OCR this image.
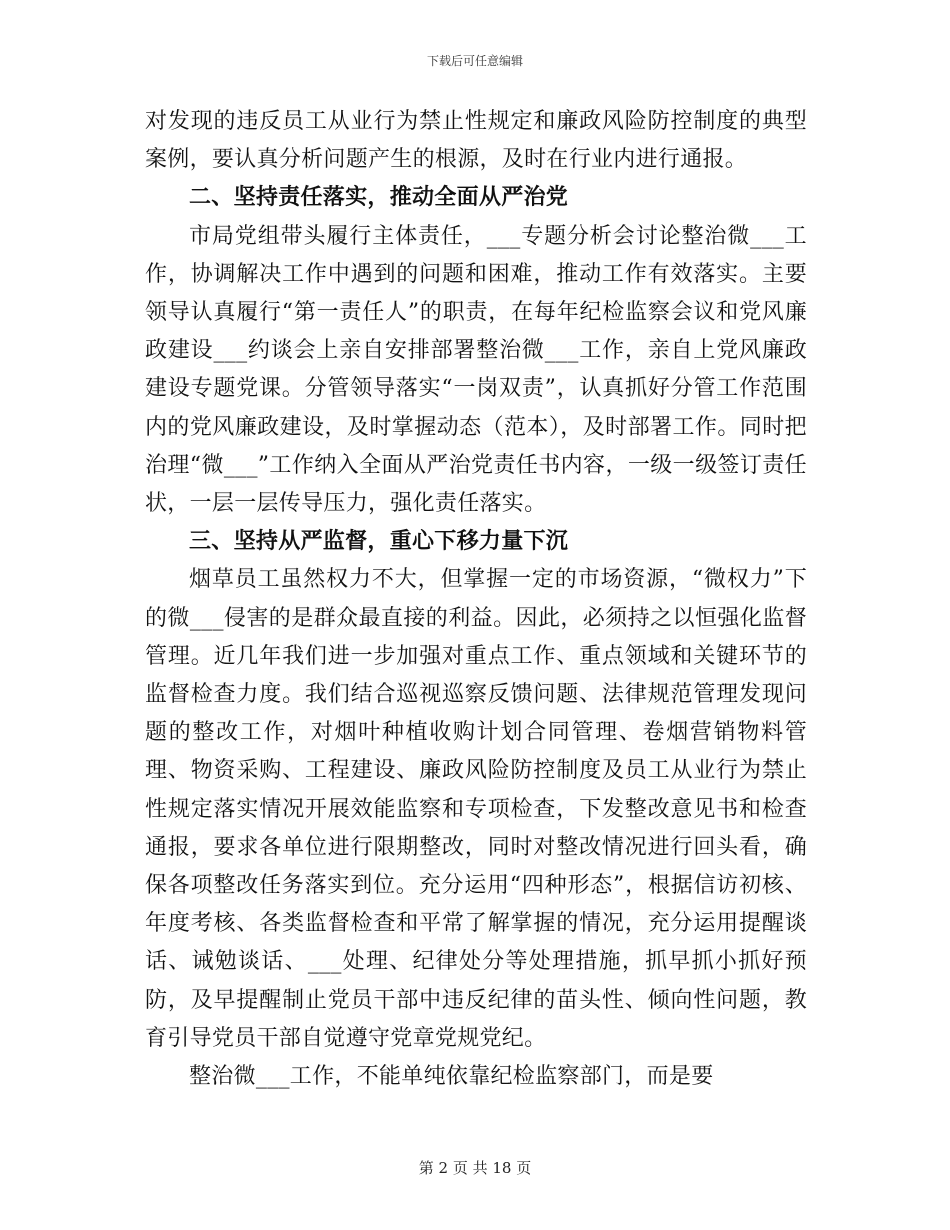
下载后可任意编辑

对发现的违反员工从业行为禁止性规定和廉政风险防控制度的典型案例，要认真分析问题产生的根源，及时在行业内进行通报。

二、坚持责任落实，推动全面从严治党

市局党组带头履行主体责任，___专题分析会讨论整治微___工作，协调解决工作中遇到的问题和困难，推动工作有效落实。主要领导认真履行“第一责任人”的职责，在每年纪检监察会议和党风廉政建设___约谈会上亲自安排部署整治微___工作，亲自上党风廉政建设专题党课。分管领导落实“一岗双责”，认真抓好分管工作范围内的党风廉政建设，及时掌握动态（范本），及时部署工作。同时把治理“微___”工作纳入全面从严治党责任书内容，一级一级签订责任状，一层一层传导压力，强化责任落实。

三、坚持从严监督，重心下移力量下沉

烟草员工虽然权力不大，但掌握一定的市场资源，“微权力”下的微___侵害的是群众最直接的利益。因此，必须持之以恒强化监督管理。近几年我们进一步加强对重点工作、重点领域和关键环节的监督检查力度。我们结合巡视巡察反馈问题、法律规范管理发现问题的整改工作，对烟叶种植收购计划合同管理、卷烟营销物料管理、物资采购、工程建设、廉政风险防控制度及员工从业行为禁止性规定落实情况开展效能监察和专项检查，下发整改意见书和检查通报，要求各单位进行限期整改，同时对整改情况进行回头看，确保各项整改任务落实到位。充分运用“四种形态”，根据信访初核、年度考核、各类监督检查和平常了解掌握的情况，充分运用提醒谈话、诫勉谈话、___处理、纪律处分等处理措施，抓早抓小抓好预防，及早提醒制止党员干部中违反纪律的苗头性、倾向性问题，教育引导党员干部自觉遵守党章党规党纪。

整治微___工作，不能单纯依靠纪检监察部门，而是要

第 2 页 共 18 页
